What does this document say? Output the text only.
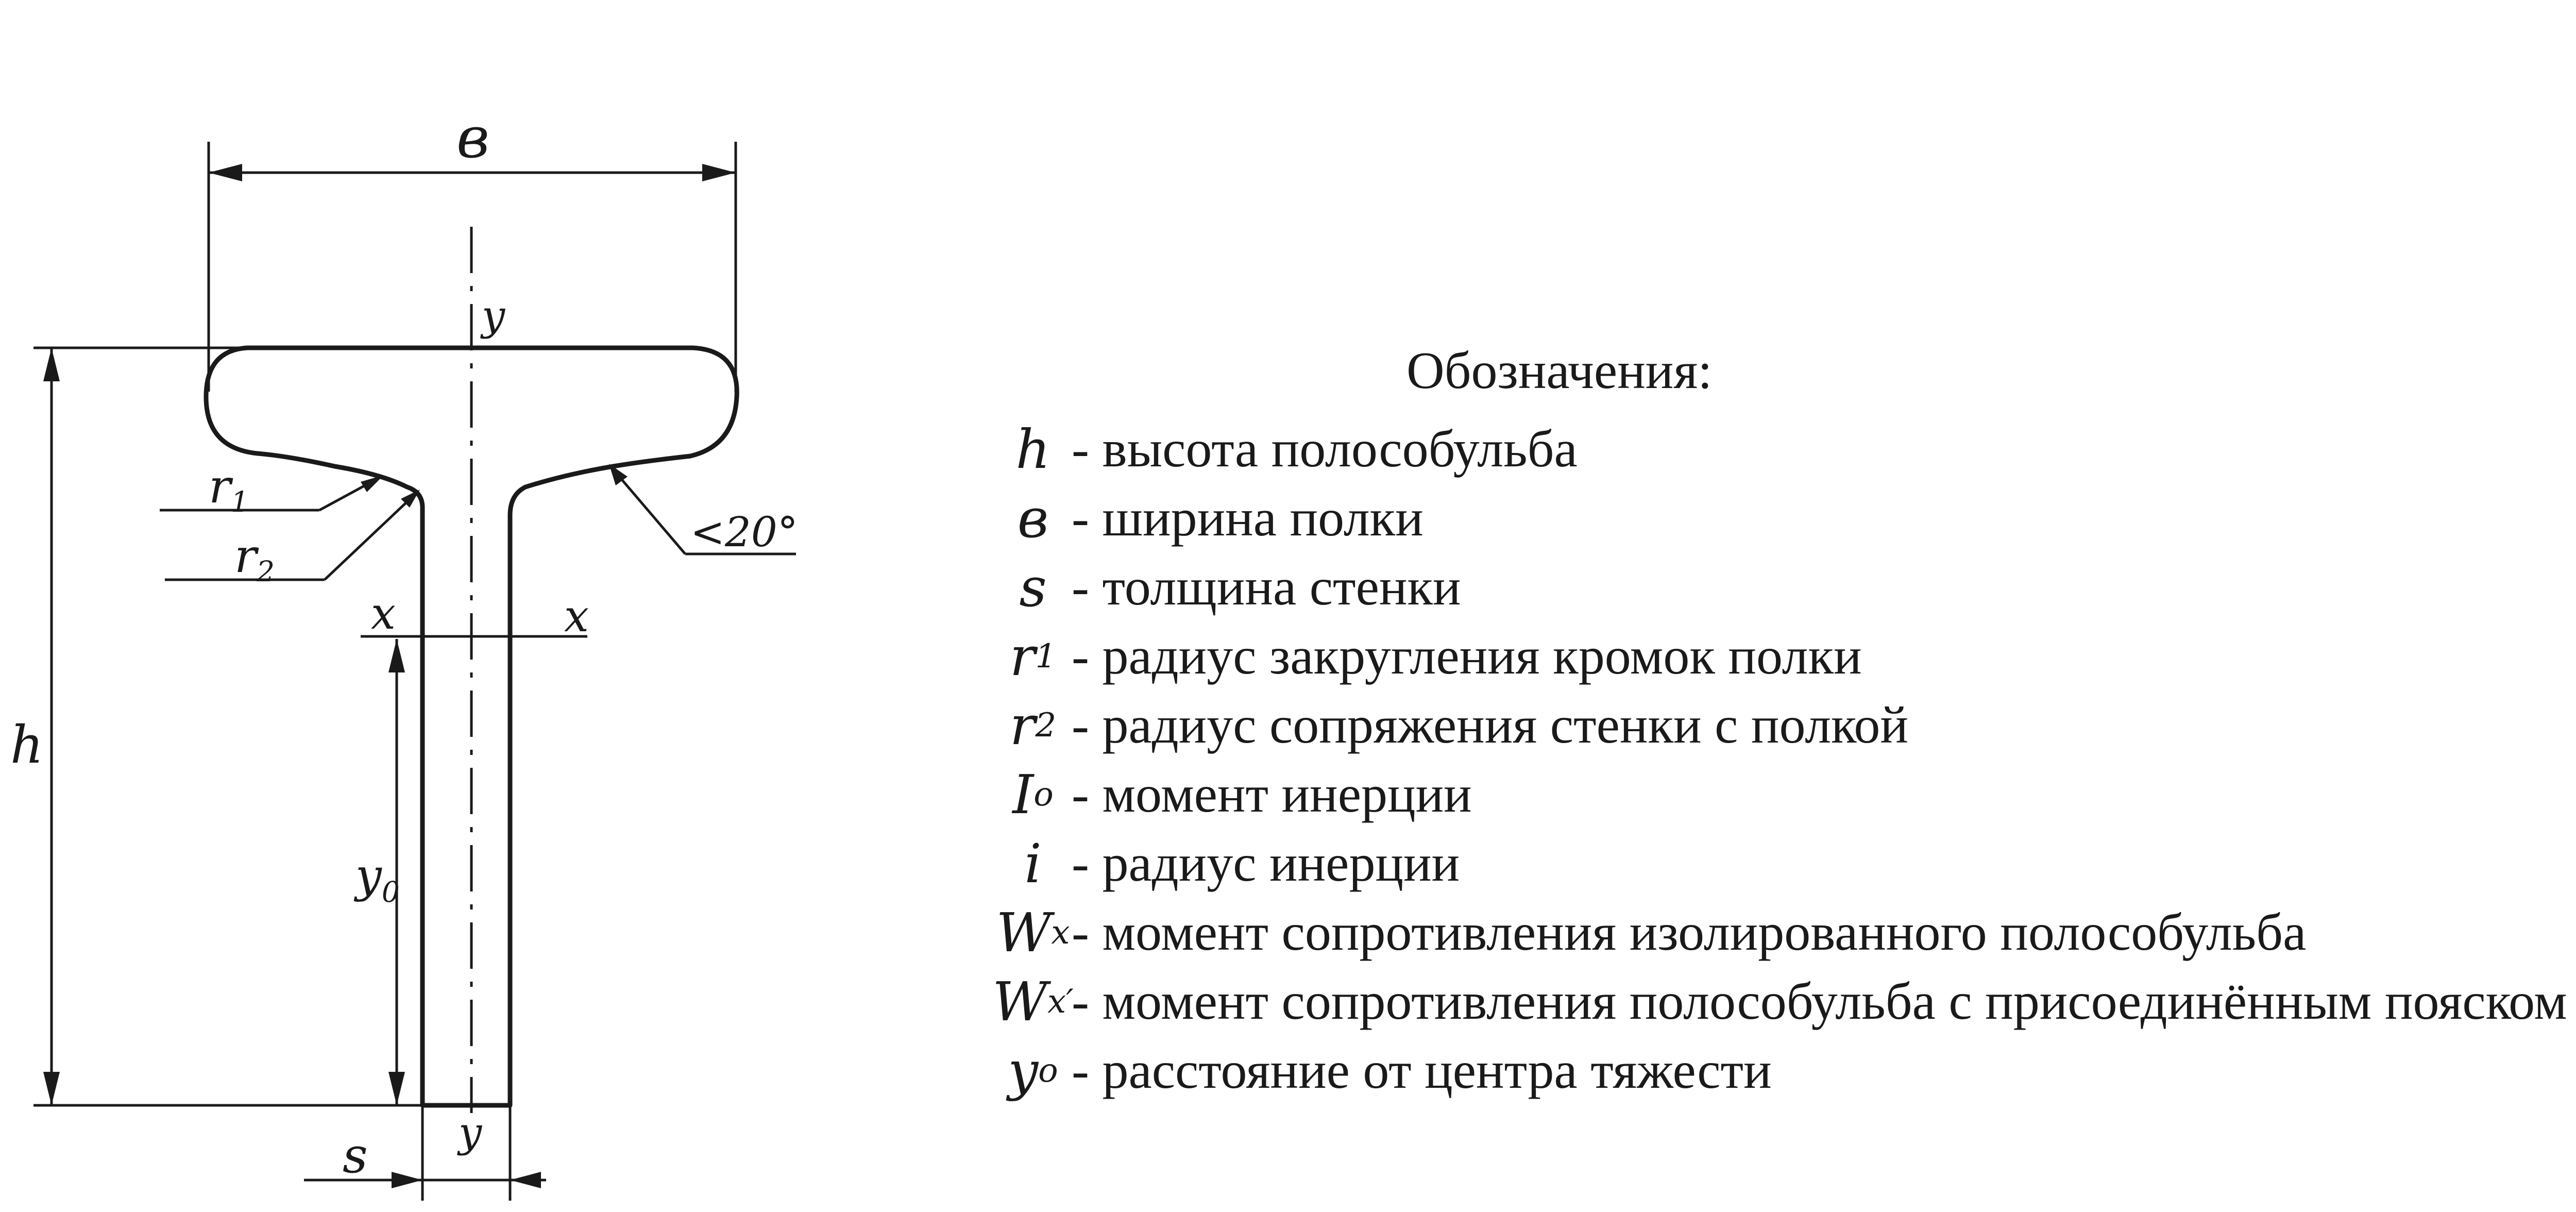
в
y
h
$r_1$
$r_2$
<20°
x	x
$y_0$
y
s
Обозначения:
h - высота полособульба
в - ширина полки
s - толщина стенки
r 1 - радиус закругления кромок полки
r 2 - радиус сопряжения стенки с полкой
I о - момент инерции
i - радиус инерции
W x - момент сопротивления изолированного полособульба
W x ′
- момент сопротивления полособульба с присоединённым пояском
y о - расстояние от центра тяжести
